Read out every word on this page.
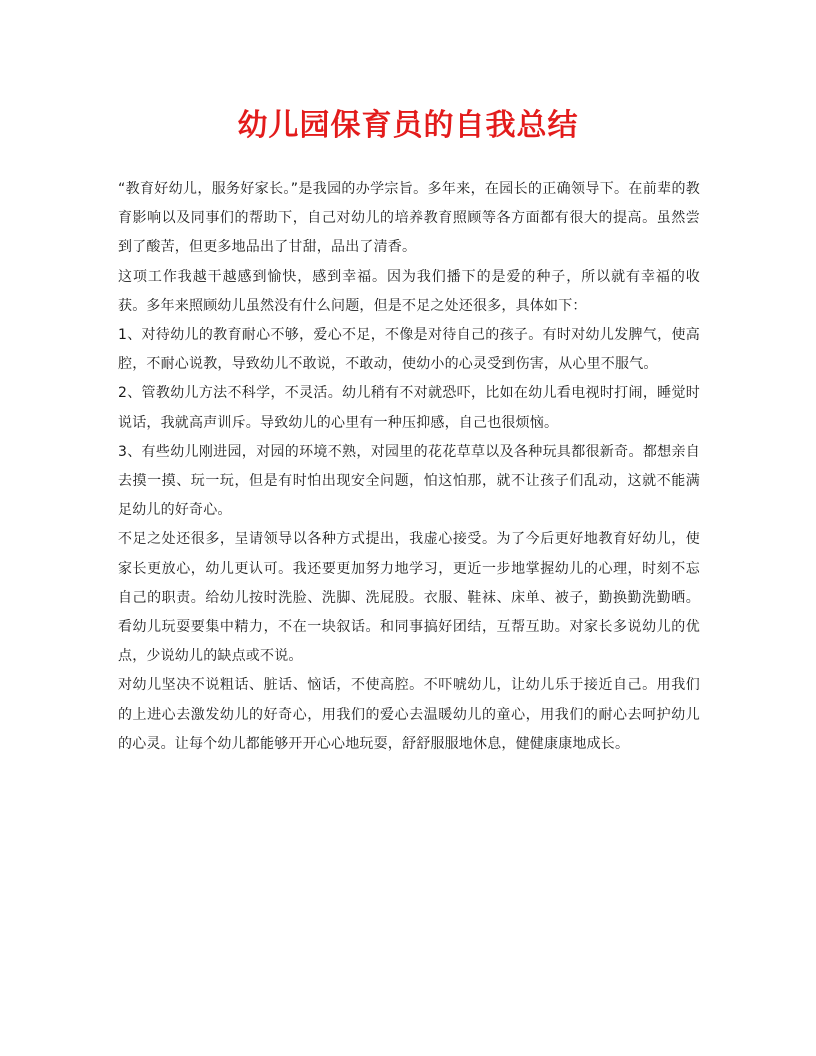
幼儿园保育员的自我总结

“教育好幼儿，服务好家长。”是我园的办学宗旨。多年来，在园长的正确领导下。在前辈的教育影响以及同事们的帮助下，自己对幼儿的培养教育照顾等各方面都有很大的提高。虽然尝到了酸苦，但更多地品出了甘甜，品出了清香。

这项工作我越干越感到愉快，感到幸福。因为我们播下的是爱的种子，所以就有幸福的收获。多年来照顾幼儿虽然没有什么问题，但是不足之处还很多，具体如下：

1、对待幼儿的教育耐心不够，爱心不足，不像是对待自己的孩子。有时对幼儿发脾气，使高腔，不耐心说教，导致幼儿不敢说，不敢动，使幼小的心灵受到伤害，从心里不服气。

2、管教幼儿方法不科学，不灵活。幼儿稍有不对就恐吓，比如在幼儿看电视时打闹，睡觉时说话，我就高声训斥。导致幼儿的心里有一种压抑感，自己也很烦恼。

3、有些幼儿刚进园，对园的环境不熟，对园里的花花草草以及各种玩具都很新奇。都想亲自去摸一摸、玩一玩，但是有时怕出现安全问题，怕这怕那，就不让孩子们乱动，这就不能满足幼儿的好奇心。

不足之处还很多，呈请领导以各种方式提出，我虚心接受。为了今后更好地教育好幼儿，使家长更放心，幼儿更认可。我还要更加努力地学习，更近一步地掌握幼儿的心理，时刻不忘自己的职责。给幼儿按时洗脸、洗脚、洗屁股。衣服、鞋袜、床单、被子，勤换勤洗勤晒。看幼儿玩耍要集中精力，不在一块叙话。和同事搞好团结，互帮互助。对家长多说幼儿的优点，少说幼儿的缺点或不说。

对幼儿坚决不说粗话、脏话、恼话，不使高腔。不吓唬幼儿，让幼儿乐于接近自己。用我们的上进心去激发幼儿的好奇心，用我们的爱心去温暖幼儿的童心，用我们的耐心去呵护幼儿的心灵。让每个幼儿都能够开开心心地玩耍，舒舒服服地休息，健健康康地成长。
